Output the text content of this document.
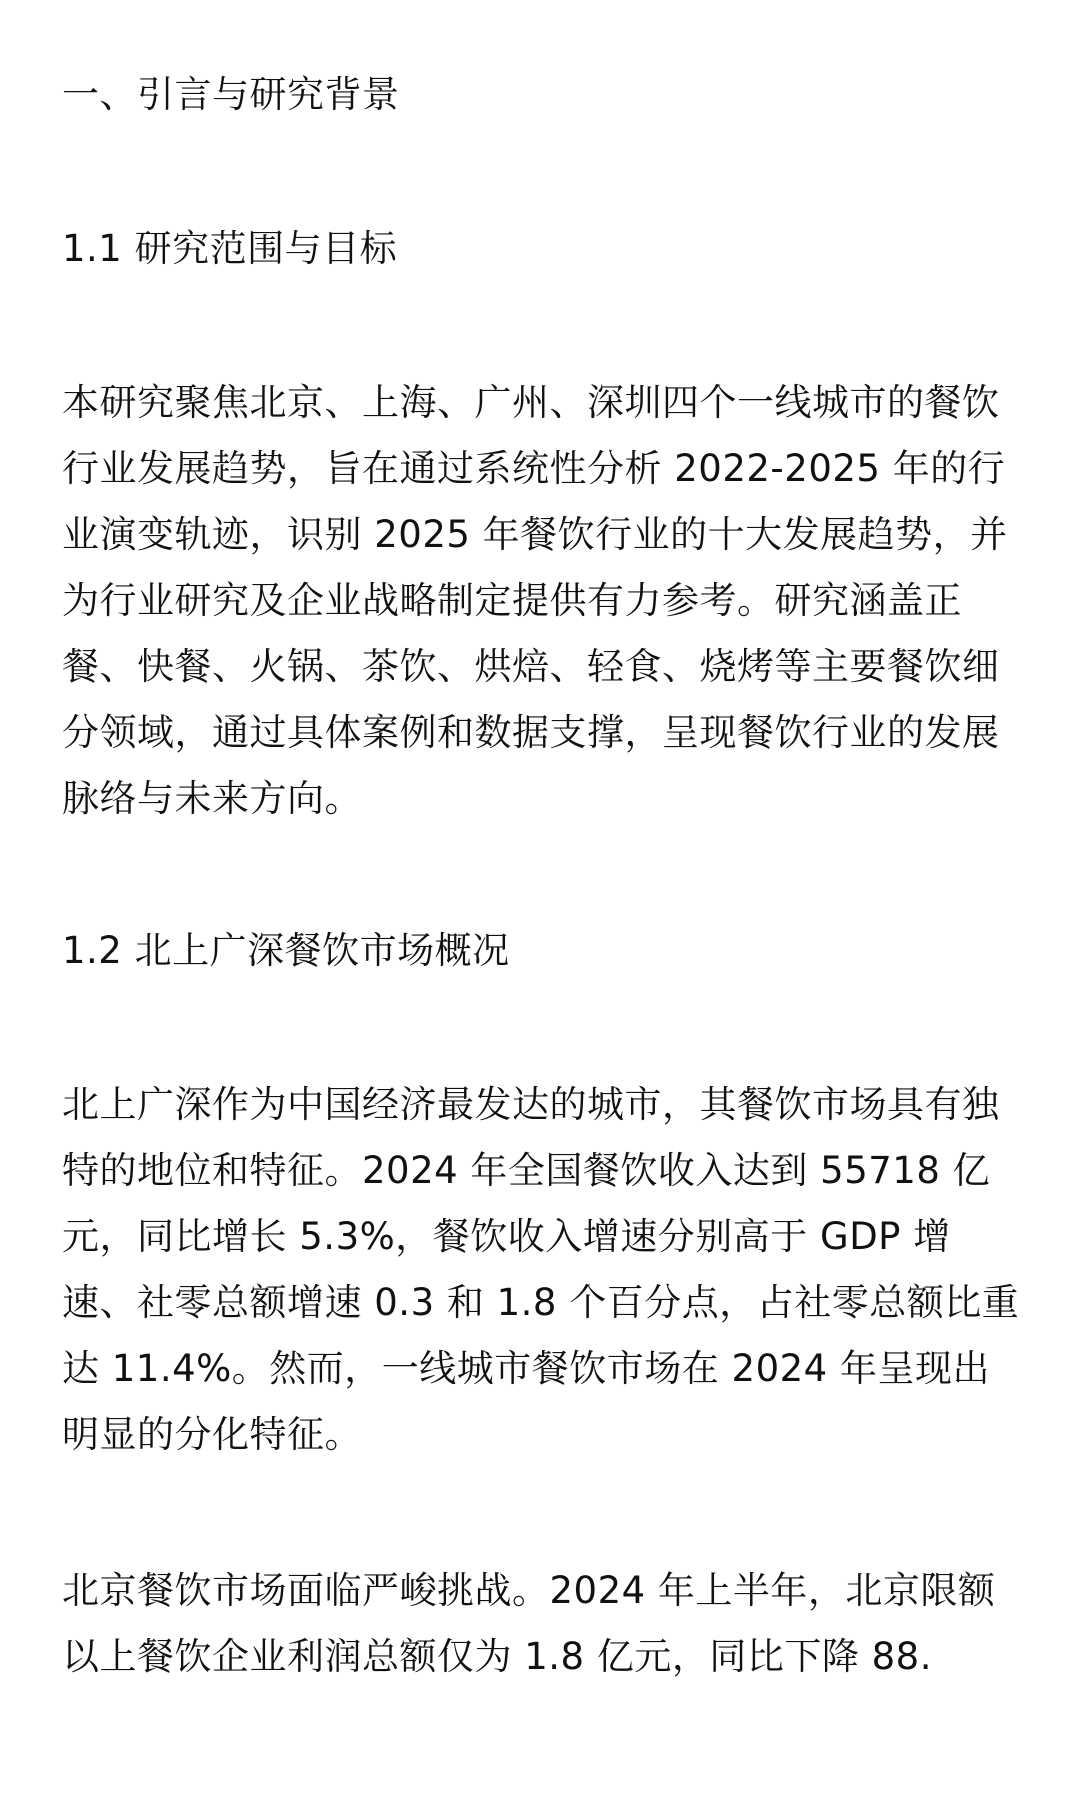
一、引言与研究背景
1.1 研究范围与目标

本研究聚焦北京、上海、广州、深圳四个一线城市的餐饮行业发展趋势，旨在通过系统性分析 2022-2025 年的行业演变轨迹，识别 2025 年餐饮行业的十大发展趋势，并为行业研究及企业战略制定提供有力参考。研究涵盖正餐、快餐、火锅、茶饮、烘焙、轻食、烧烤等主要餐饮细分领域，通过具体案例和数据支撑，呈现餐饮行业的发展脉络与未来方向。

1.2 北上广深餐饮市场概况

北上广深作为中国经济最发达的城市，其餐饮市场具有独特的地位和特征。2024 年全国餐饮收入达到 55718 亿元，同比增长 5.3%，餐饮收入增速分别高于 GDP 增速、社零总额增速 0.3 和 1.8 个百分点，占社零总额比重达 11.4%。然而，一线城市餐饮市场在 2024 年呈现出明显的分化特征。

北京餐饮市场面临严峻挑战。2024 年上半年，北京限额以上餐饮企业利润总额仅为 1.8 亿元，同比下降 88.
